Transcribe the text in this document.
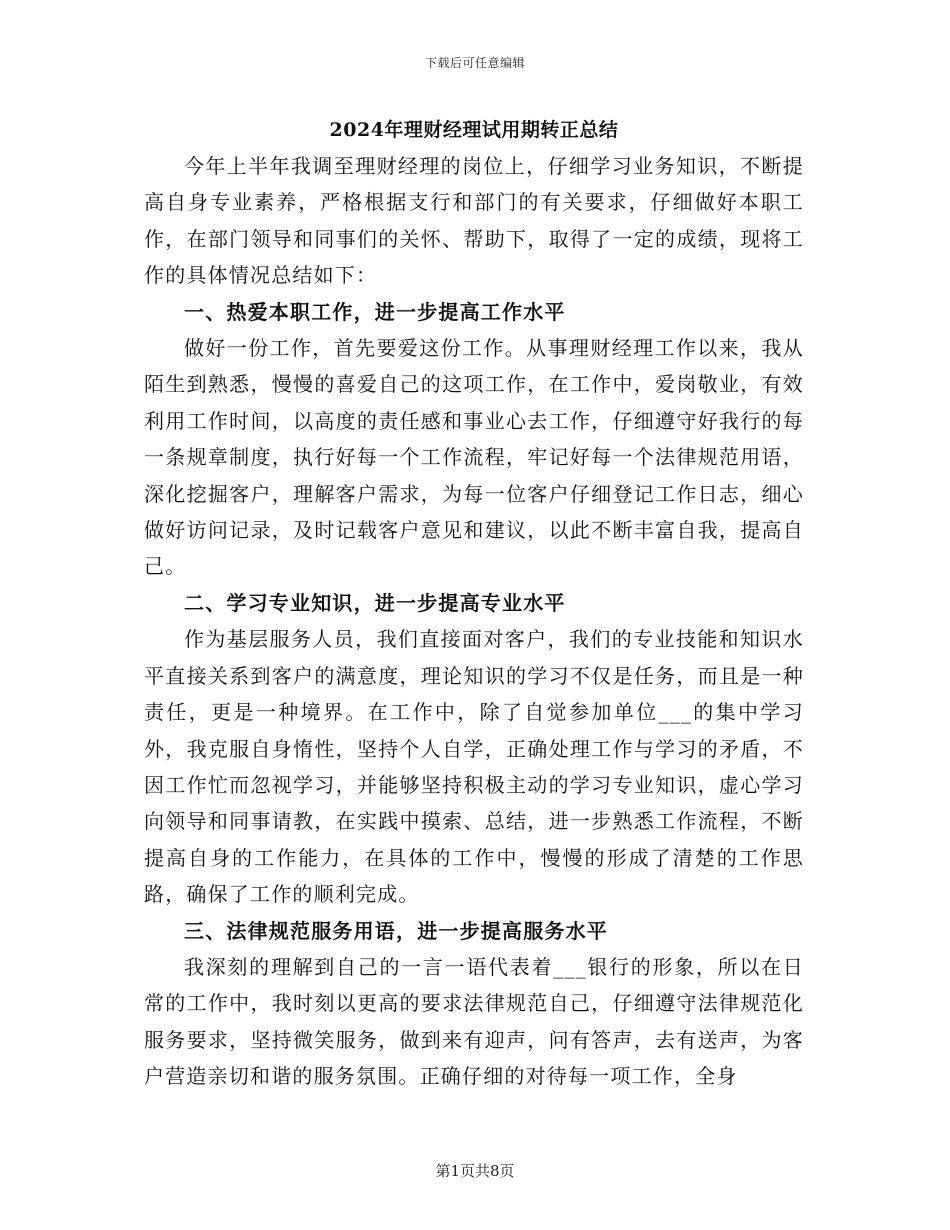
下载后可任意编辑
2024年理财经理试用期转正总结

今年上半年我调至理财经理的岗位上，仔细学习业务知识，不断提高自身专业素养，严格根据支行和部门的有关要求，仔细做好本职工作，在部门领导和同事们的关怀、帮助下，取得了一定的成绩，现将工作的具体情况总结如下：

一、热爱本职工作，进一步提高工作水平

做好一份工作，首先要爱这份工作。从事理财经理工作以来，我从陌生到熟悉，慢慢的喜爱自己的这项工作，在工作中，爱岗敬业，有效利用工作时间，以高度的责任感和事业心去工作，仔细遵守好我行的每一条规章制度，执行好每一个工作流程，牢记好每一个法律规范用语，深化挖掘客户，理解客户需求，为每一位客户仔细登记工作日志，细心做好访问记录，及时记载客户意见和建议，以此不断丰富自我，提高自己。

二、学习专业知识，进一步提高专业水平

作为基层服务人员，我们直接面对客户，我们的专业技能和知识水平直接关系到客户的满意度，理论知识的学习不仅是任务，而且是一种责任，更是一种境界。在工作中，除了自觉参加单位___的集中学习外，我克服自身惰性，坚持个人自学，正确处理工作与学习的矛盾，不因工作忙而忽视学习，并能够坚持积极主动的学习专业知识，虚心学习向领导和同事请教，在实践中摸索、总结，进一步熟悉工作流程，不断提高自身的工作能力，在具体的工作中，慢慢的形成了清楚的工作思路，确保了工作的顺利完成。

三、法律规范服务用语，进一步提高服务水平

我深刻的理解到自己的一言一语代表着___银行的形象，所以在日常的工作中，我时刻以更高的要求法律规范自己，仔细遵守法律规范化服务要求，坚持微笑服务，做到来有迎声，问有答声，去有送声，为客户营造亲切和谐的服务氛围。正确仔细的对待每一项工作，全身

第1页共8页
